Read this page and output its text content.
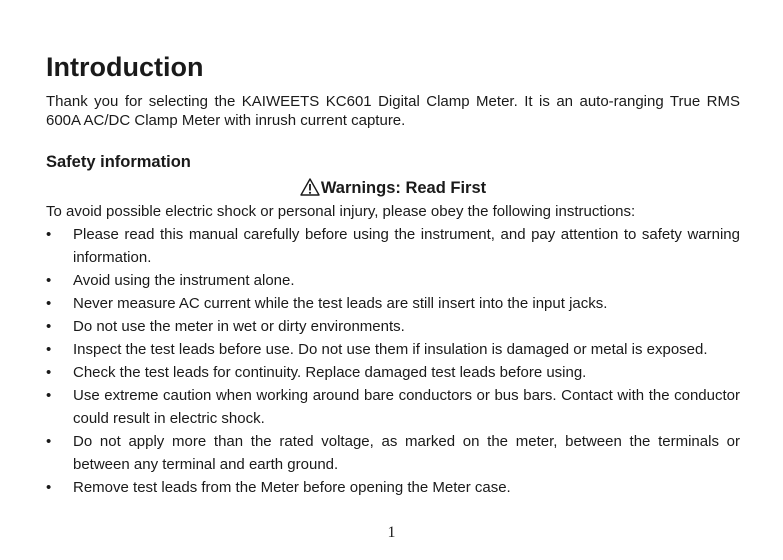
Introduction

Thank you for selecting the KAIWEETS KC601 Digital Clamp Meter. It is an auto-ranging True RMS 600A AC/DC Clamp Meter with inrush current capture.

Safety information
Warnings: Read First

To avoid possible electric shock or personal injury, please obey the following instructions:

•	Please read this manual carefully before using the instrument, and pay attention to safety warning information.
•	Avoid using the instrument alone.
•	Never measure AC current while the test leads are still insert into the input jacks.
•	Do not use the meter in wet or dirty environments.
•	Inspect the test leads before use. Do not use them if insulation is damaged or metal is exposed.
•	Check the test leads for continuity. Replace damaged test leads before using.
•	Use extreme caution when working around bare conductors or bus bars. Contact with the conductor could result in electric shock.
•	Do not apply more than the rated voltage, as marked on the meter, between the terminals or between any terminal and earth ground.
•	Remove test leads from the Meter before opening the Meter case.
1
